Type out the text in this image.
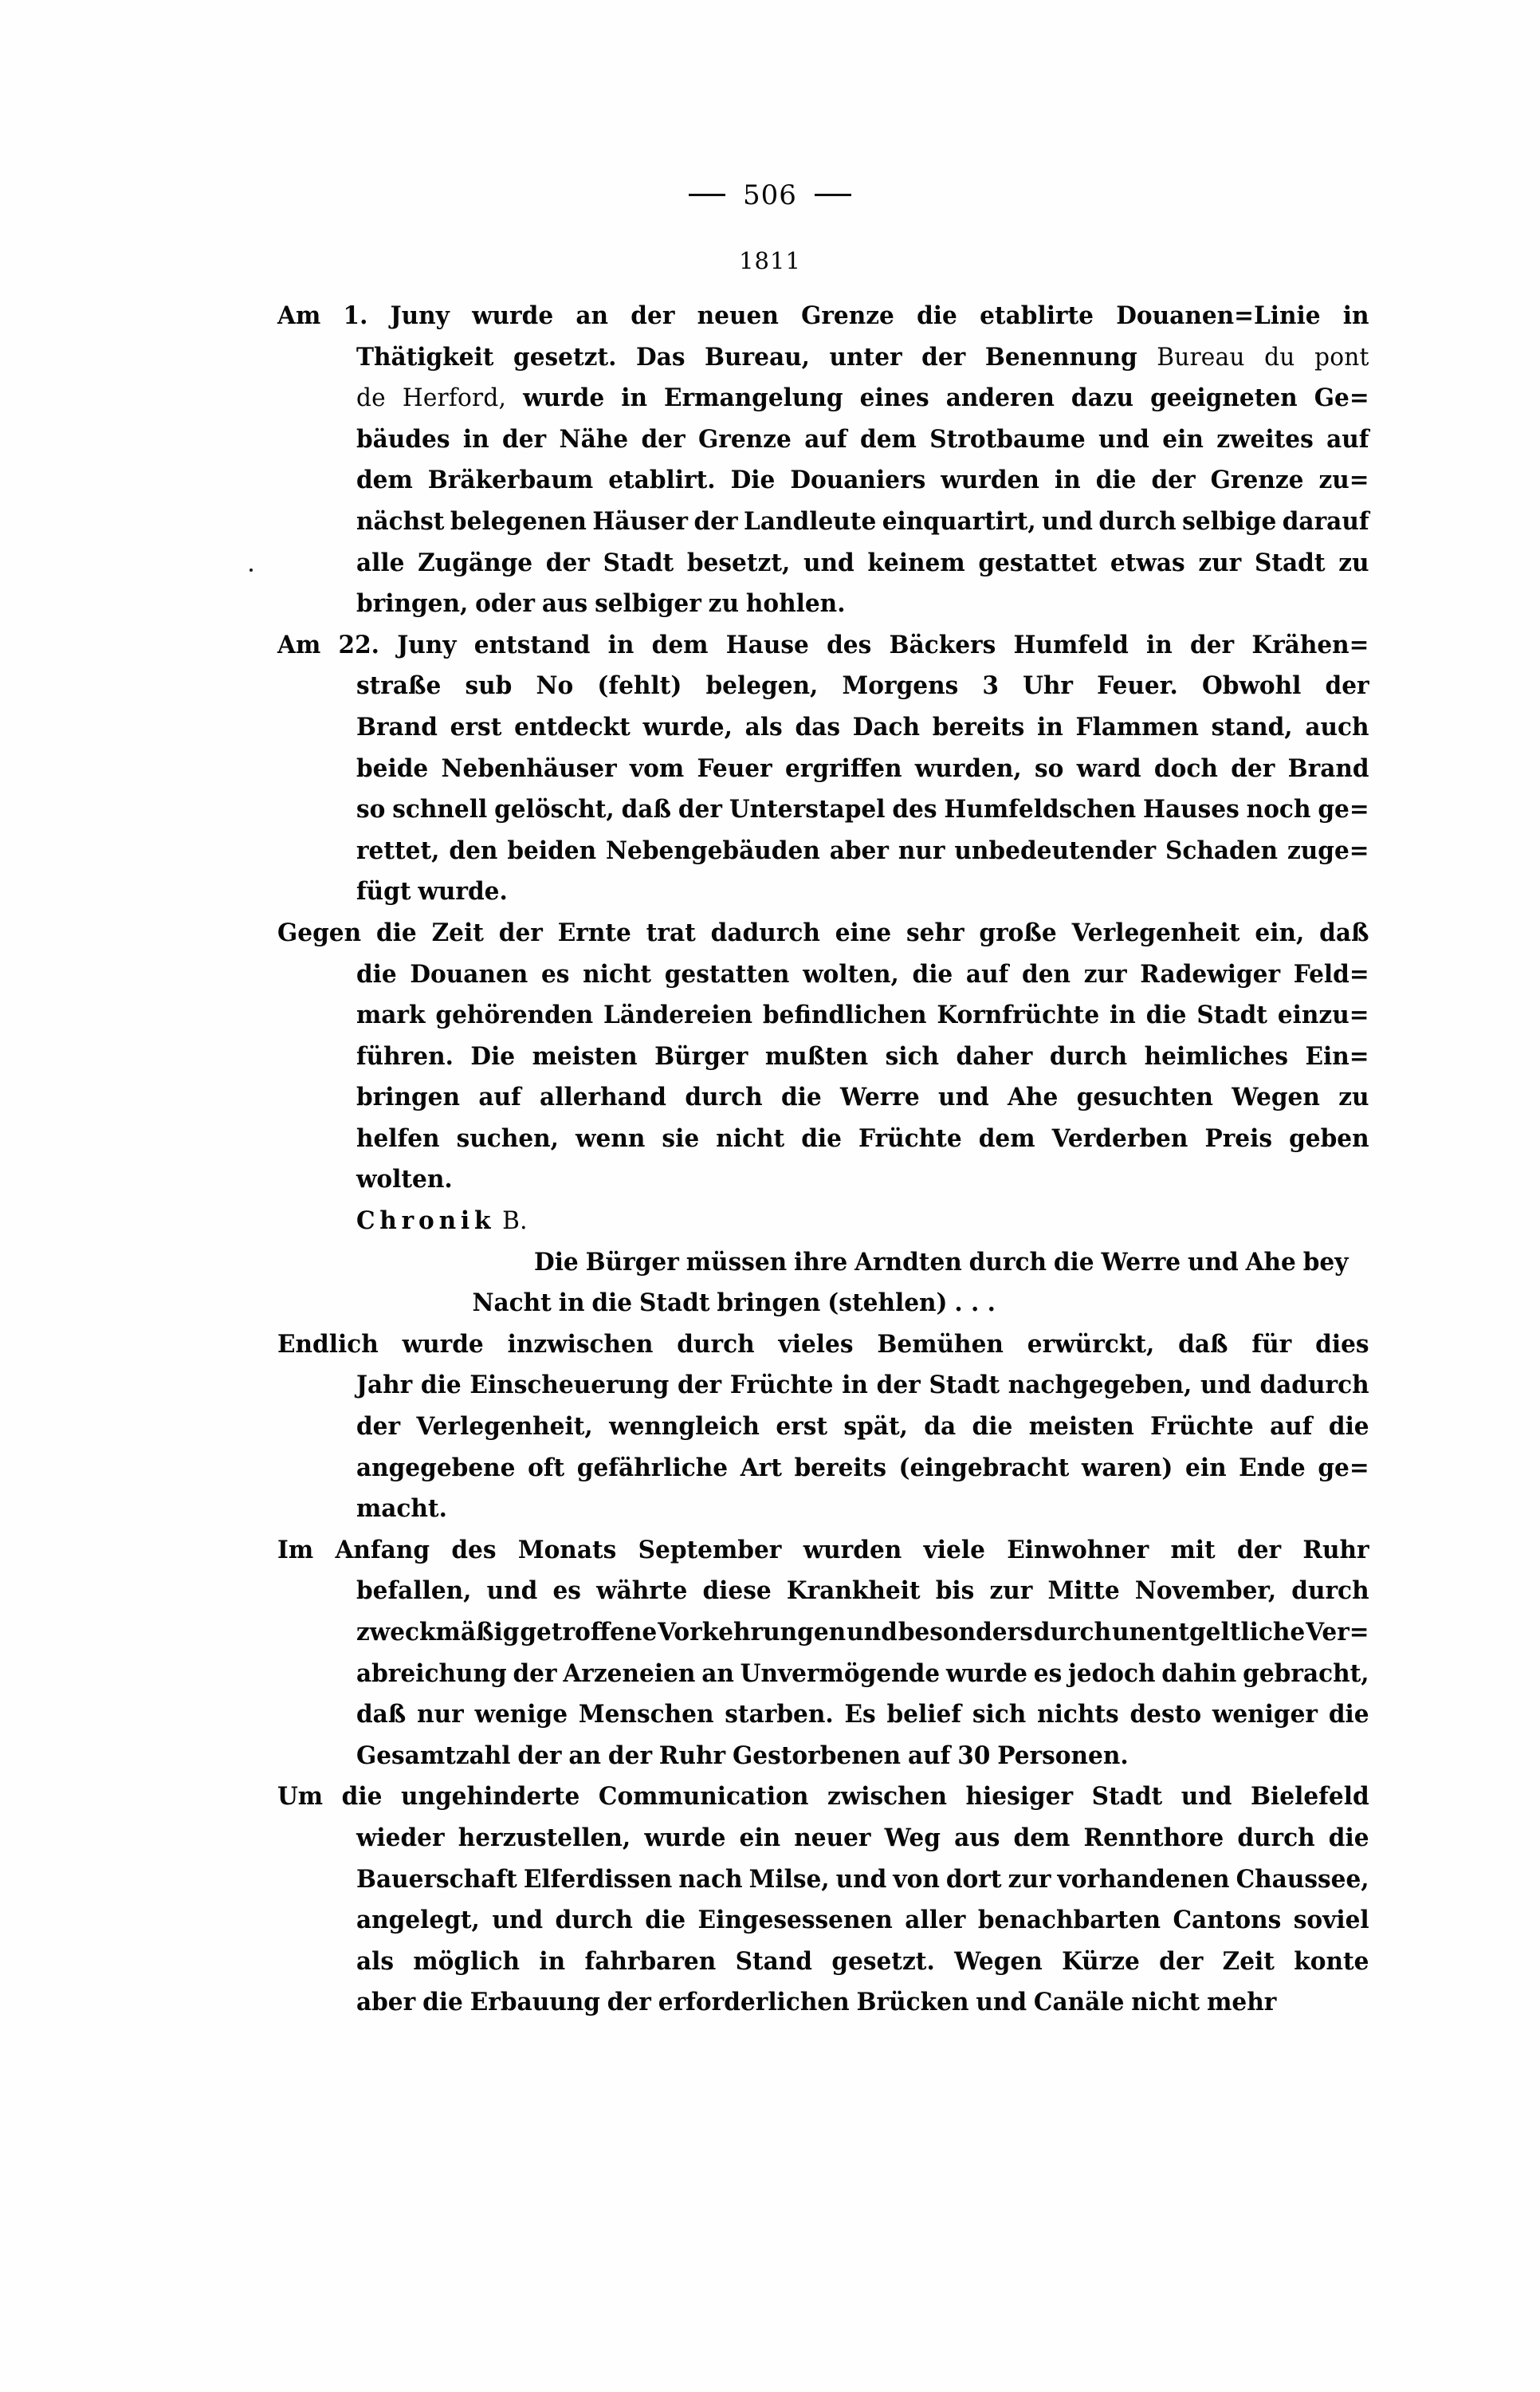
506
1811
Am 1. Juny wurde an der neuen Grenze die etablirte Douanen=Linie in
Thätigkeit gesetzt. Das Bureau, unter der Benennung Bureau du pont
de Herford, wurde in Ermangelung eines anderen dazu geeigneten Ge=
bäudes in der Nähe der Grenze auf dem Strotbaume und ein zweites auf
dem Bräkerbaum etablirt. Die Douaniers wurden in die der Grenze zu=
nächst belegenen Häuser der Landleute einquartirt, und durch selbige darauf
alle Zugänge der Stadt besetzt, und keinem gestattet etwas zur Stadt zu
bringen, oder aus selbiger zu hohlen.
Am 22. Juny entstand in dem Hause des Bäckers Humfeld in der Krähen=
straße sub No (fehlt) belegen, Morgens 3 Uhr Feuer. Obwohl der
Brand erst entdeckt wurde, als das Dach bereits in Flammen stand, auch
beide Nebenhäuser vom Feuer ergriffen wurden, so ward doch der Brand
so schnell gelöscht, daß der Unterstapel des Humfeldschen Hauses noch ge=
rettet, den beiden Nebengebäuden aber nur unbedeutender Schaden zuge=
fügt wurde.
Gegen die Zeit der Ernte trat dadurch eine sehr große Verlegenheit ein, daß
die Douanen es nicht gestatten wolten, die auf den zur Radewiger Feld=
mark gehörenden Ländereien befindlichen Kornfrüchte in die Stadt einzu=
führen. Die meisten Bürger mußten sich daher durch heimliches Ein=
bringen auf allerhand durch die Werre und Ahe gesuchten Wegen zu
helfen suchen, wenn sie nicht die Früchte dem Verderben Preis geben
wolten.
Chronik B.
Die Bürger müssen ihre Arndten durch die Werre und Ahe bey
Nacht in die Stadt bringen (stehlen) . . .
Endlich wurde inzwischen durch vieles Bemühen erwürckt, daß für dies
Jahr die Einscheuerung der Früchte in der Stadt nachgegeben, und dadurch
der Verlegenheit, wenngleich erst spät, da die meisten Früchte auf die
angegebene oft gefährliche Art bereits (eingebracht waren) ein Ende ge=
macht.
Im Anfang des Monats September wurden viele Einwohner mit der Ruhr
befallen, und es währte diese Krankheit bis zur Mitte November, durch
zweckmäßig getroffene Vorkehrungen und besonders durch unentgeltliche Ver=
abreichung der Arzeneien an Unvermögende wurde es jedoch dahin gebracht,
daß nur wenige Menschen starben. Es belief sich nichts desto weniger die
Gesamtzahl der an der Ruhr Gestorbenen auf 30 Personen.
Um die ungehinderte Communication zwischen hiesiger Stadt und Bielefeld
wieder herzustellen, wurde ein neuer Weg aus dem Rennthore durch die
Bauerschaft Elferdissen nach Milse, und von dort zur vorhandenen Chaussee,
angelegt, und durch die Eingesessenen aller benachbarten Cantons soviel
als möglich in fahrbaren Stand gesetzt. Wegen Kürze der Zeit konte
aber die Erbauung der erforderlichen Brücken und Canäle nicht mehr
